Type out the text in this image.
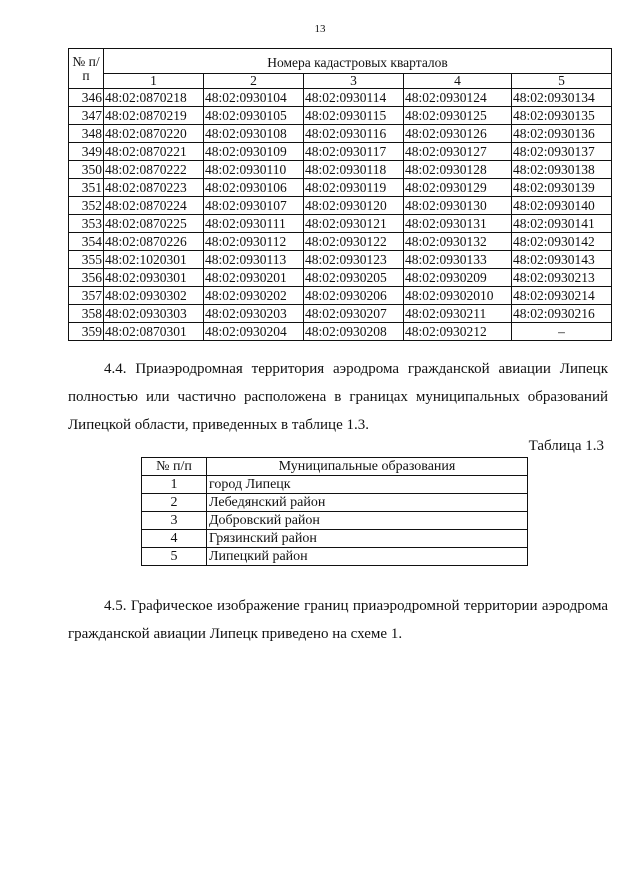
13
№ п/п	Номера кадастровых кварталов				
	1	2	3	4	5
346	48:02:0870218	48:02:0930104	48:02:0930114	48:02:0930124	48:02:0930134
347	48:02:0870219	48:02:0930105	48:02:0930115	48:02:0930125	48:02:0930135
348	48:02:0870220	48:02:0930108	48:02:0930116	48:02:0930126	48:02:0930136
349	48:02:0870221	48:02:0930109	48:02:0930117	48:02:0930127	48:02:0930137
350	48:02:0870222	48:02:0930110	48:02:0930118	48:02:0930128	48:02:0930138
351	48:02:0870223	48:02:0930106	48:02:0930119	48:02:0930129	48:02:0930139
352	48:02:0870224	48:02:0930107	48:02:0930120	48:02:0930130	48:02:0930140
353	48:02:0870225	48:02:0930111	48:02:0930121	48:02:0930131	48:02:0930141
354	48:02:0870226	48:02:0930112	48:02:0930122	48:02:0930132	48:02:0930142
355	48:02:1020301	48:02:0930113	48:02:0930123	48:02:0930133	48:02:0930143
356	48:02:0930301	48:02:0930201	48:02:0930205	48:02:0930209	48:02:0930213
357	48:02:0930302	48:02:0930202	48:02:0930206	48:02:09302010	48:02:0930214
358	48:02:0930303	48:02:0930203	48:02:0930207	48:02:0930211	48:02:0930216
359	48:02:0870301	48:02:0930204	48:02:0930208	48:02:0930212	–
4.4. Приаэродромная территория аэродрома гражданской авиации Липецк полностью или частично расположена в границах муниципальных образований Липецкой области, приведенных в таблице 1.3.
Таблица 1.3
№ п/п	Муниципальные образования
1	город Липецк
2	Лебедянский район
3	Добровский район
4	Грязинский район
5	Липецкий район
4.5. Графическое изображение границ приаэродромной территории аэродрома гражданской авиации Липецк приведено на схеме 1.
